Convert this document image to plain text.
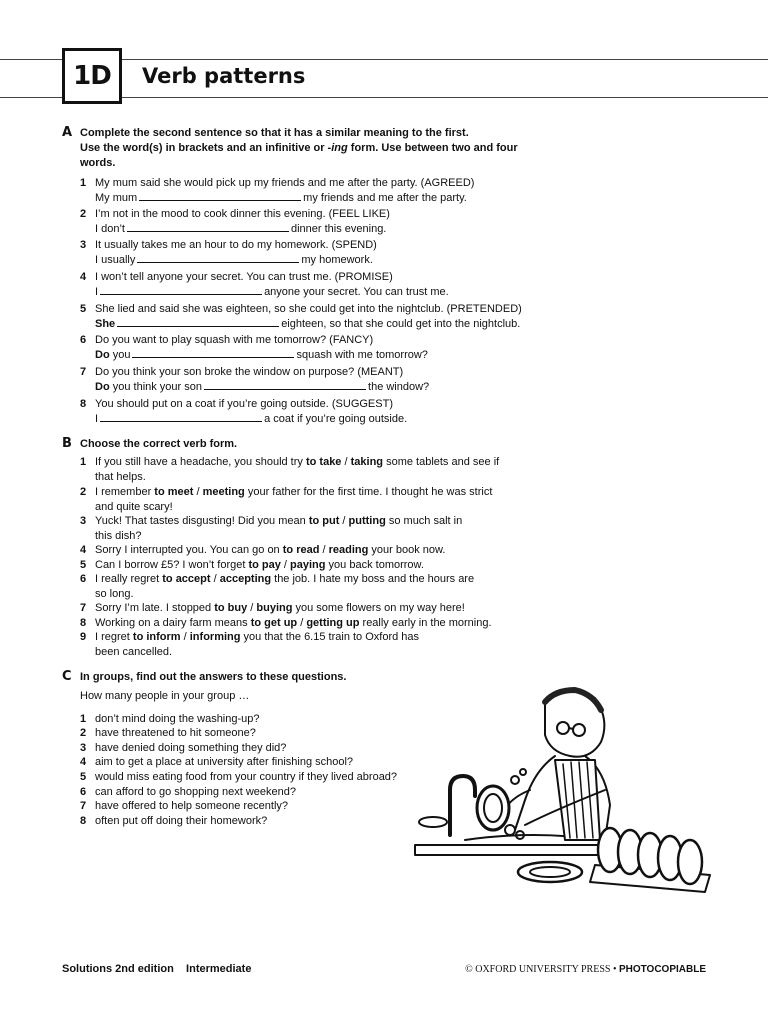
1D Verb patterns
A Complete the second sentence so that it has a similar meaning to the first.
Use the word(s) in brackets and an infinitive or -ing form. Use between two and four
words.
1 My mum said she would pick up my friends and me after the party. (AGREED)
My mum	my friends and me after the party.
2 I’m not in the mood to cook dinner this evening. (FEEL LIKE)
I don’t	dinner this evening.
3 It usually takes me an hour to do my homework. (SPEND)
I usually	my homework.
4 I won’t tell anyone your secret. You can trust me. (PROMISE)
I	anyone your secret. You can trust me.
5 She lied and said she was eighteen, so she could get into the nightclub. (PRETENDED)
She	eighteen, so that she could get into the nightclub.
6 Do you want to play squash with me tomorrow? (FANCY)
Do you	squash with me tomorrow?
7 Do you think your son broke the window on purpose? (MEANT)
Do you think your son	the window?
8 You should put on a coat if you’re going outside. (SUGGEST)
I	a coat if you’re going outside.
B Choose the correct verb form.
1 If you still have a headache, you should try to take / taking some tablets and see if
that helps.
2 I remember to meet / meeting your father for the first time. I thought he was strict
and quite scary!
3 Yuck! That tastes disgusting! Did you mean to put / putting so much salt in
this dish?
4 Sorry I interrupted you. You can go on to read / reading your book now.
5 Can I borrow £5? I won’t forget to pay / paying you back tomorrow.
6 I really regret to accept / accepting the job. I hate my boss and the hours are
so long.
7 Sorry I’m late. I stopped to buy / buying you some flowers on my way here!
8 Working on a dairy farm means to get up / getting up really early in the morning.
9 I regret to inform / informing you that the 6.15 train to Oxford has
been cancelled.
C In groups, find out the answers to these questions.
How many people in your group …
1 don’t mind doing the washing-up?
2 have threatened to hit someone?
3 have denied doing something they did?
4 aim to get a place at university after finishing school?
5 would miss eating food from your country if they lived abroad?
6 can afford to go shopping next weekend?
7 have offered to help someone recently?
8 often put off doing their homework?
Solutions 2nd edition    Intermediate	© OXFORD UNIVERSITY PRESS • PHOTOCOPIABLE
